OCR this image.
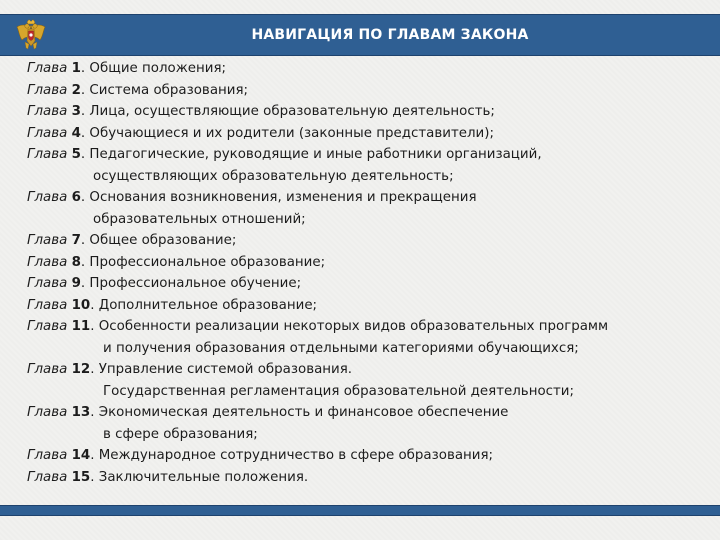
НАВИГАЦИЯ ПО ГЛАВАМ ЗАКОНА
Глава 1. Общие положения;
Глава 2. Система образования;
Глава 3. Лица, осуществляющие образовательную деятельность;
Глава 4. Обучающиеся и их родители (законные представители);
Глава 5. Педагогические, руководящие и иные работники организаций,
осуществляющих образовательную деятельность;
Глава 6. Основания возникновения, изменения и прекращения
образовательных отношений;
Глава 7. Общее образование;
Глава 8. Профессиональное образование;
Глава 9. Профессиональное обучение;
Глава 10. Дополнительное образование;
Глава 11. Особенности реализации некоторых видов образовательных программ
и получения образования отдельными категориями обучающихся;
Глава 12. Управление системой образования.
Государственная регламентация образовательной деятельности;
Глава 13. Экономическая деятельность и финансовое обеспечение
в сфере образования;
Глава 14. Международное сотрудничество в сфере образования;
Глава 15. Заключительные положения.
